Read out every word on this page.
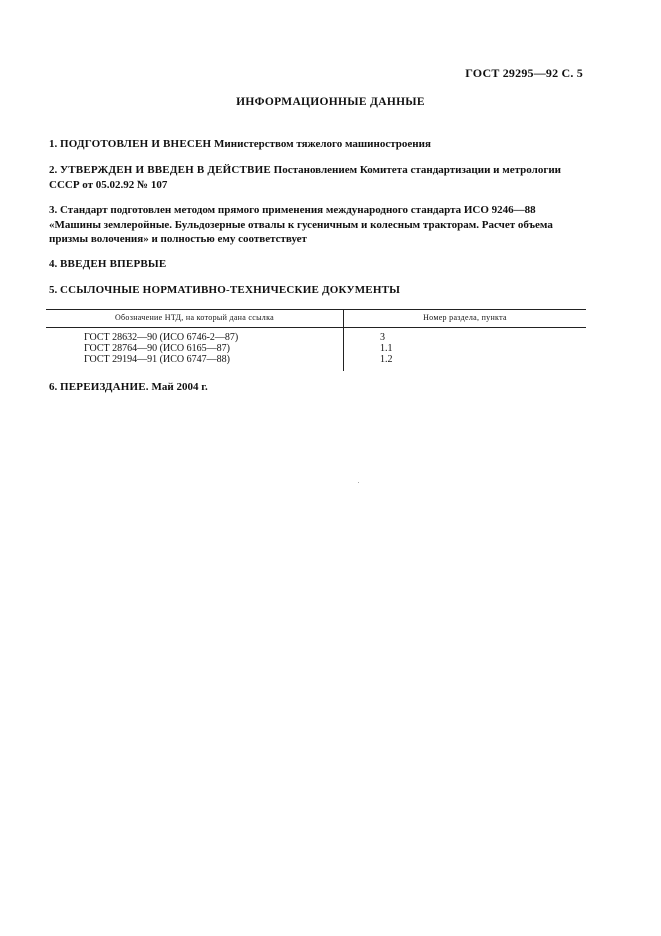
ГОСТ 29295—92 С. 5
ИНФОРМАЦИОННЫЕ ДАННЫЕ
1. ПОДГОТОВЛЕН И ВНЕСЕН Министерством тяжелого машиностроения
2. УТВЕРЖДЕН И ВВЕДЕН В ДЕЙСТВИЕ Постановлением Комитета стандартизации и метрологии СССР от 05.02.92 № 107
3. Стандарт подготовлен методом прямого применения международного стандарта ИСО 9246—88 «Машины землеройные. Бульдозерные отвалы к гусеничным и колесным тракторам. Расчет объема призмы волочения» и полностью ему соответствует
4. ВВЕДЕН ВПЕРВЫЕ
5. ССЫЛОЧНЫЕ НОРМАТИВНО-ТЕХНИЧЕСКИЕ ДОКУМЕНТЫ
Обозначение НТД, на который дана ссылка	Номер раздела, пункта
ГОСТ 28632—90 (ИСО 6746-2—87)	3
ГОСТ 28764—90 (ИСО 6165—87)	1.1
ГОСТ 29194—91 (ИСО 6747—88)	1.2
6. ПЕРЕИЗДАНИЕ. Май 2004 г.
